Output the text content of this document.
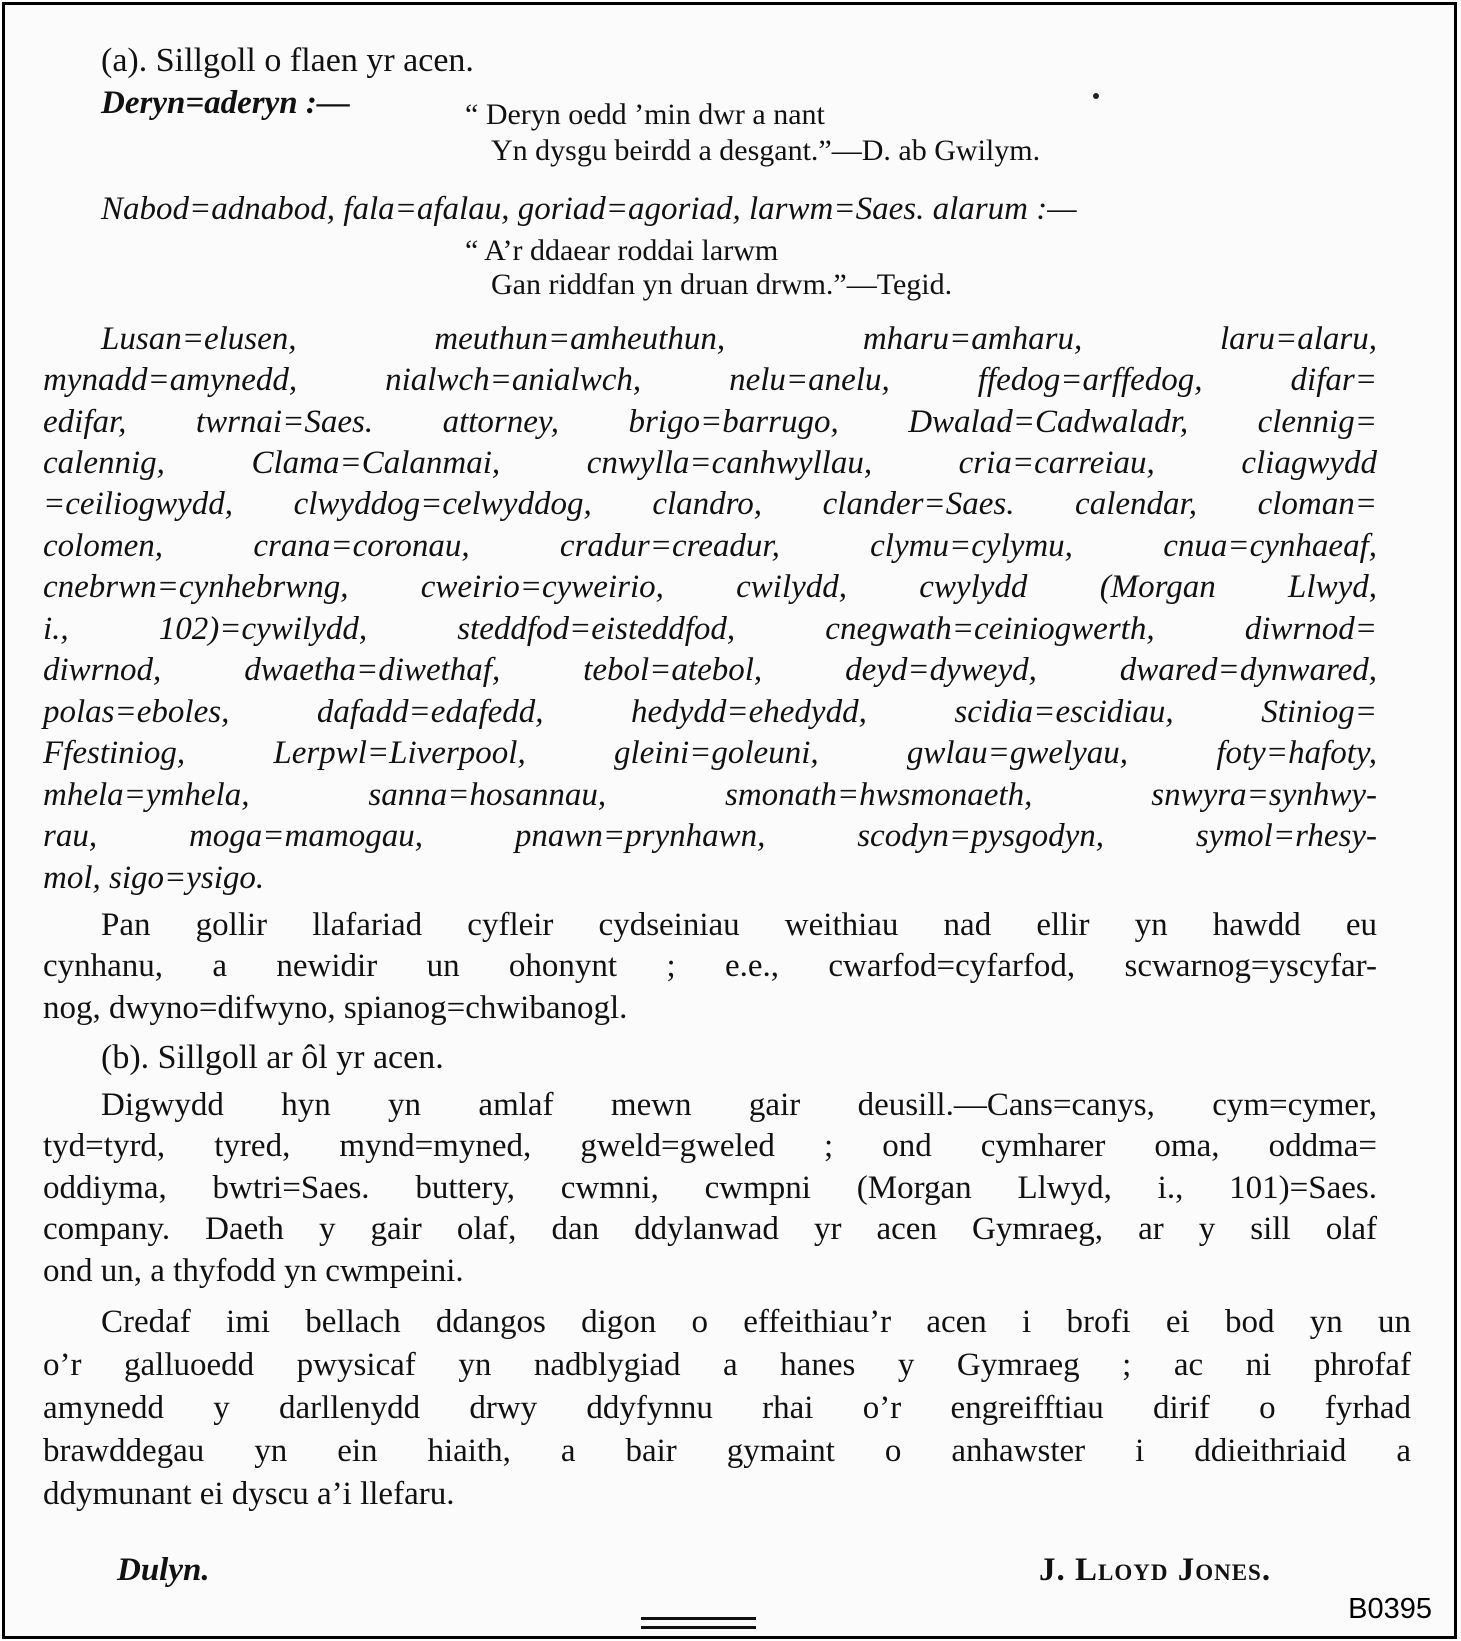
(a). Sillgoll o flaen yr acen.

Deryn=aderyn :—	“ Deryn oedd ’min dwr a nant

Yn dysgu beirdd a desgant.”—D. ab Gwilym.

Nabod=adnabod, fala=afalau, goriad=agoriad, larwm=Saes. alarum :—

“ A’r ddaear roddai larwm

Gan riddfan yn druan drwm.”—Tegid.

Lusan=elusen, meuthun=amheuthun, mharu=amharu, laru=alaru,

mynadd=amynedd, nialwch=anialwch, nelu=anelu, ffedog=arffedog, difar=

edifar, twrnai=Saes. attorney, brigo=barrugo, Dwalad=Cadwaladr, clennig=

calennig, Clama=Calanmai, cnwylla=canhwyllau, cria=carreiau, cliagwydd

=ceiliogwydd, clwyddog=celwyddog, clandro, clander=Saes. calendar, cloman=

colomen, crana=coronau, cradur=creadur, clymu=cylymu, cnua=cynhaeaf,

cnebrwn=cynhebrwng, cweirio=cyweirio, cwilydd, cwylydd (Morgan Llwyd,

i., 102)=cywilydd, steddfod=eisteddfod, cnegwath=ceiniogwerth, diwrnod=

diwrnod, dwaetha=diwethaf, tebol=atebol, deyd=dyweyd, dwared=dynwared,

polas=eboles, dafadd=edafedd, hedydd=ehedydd, scidia=escidiau, Stiniog=

Ffestiniog, Lerpwl=Liverpool, gleini=goleuni, gwlau=gwelyau, foty=hafoty,

mhela=ymhela, sanna=hosannau, smonath=hwsmonaeth, snwyra=synhwy-

rau, moga=mamogau, pnawn=prynhawn, scodyn=pysgodyn, symol=rhesy-

mol, sigo=ysigo.

Pan gollir llafariad cyfleir cydseiniau weithiau nad ellir yn hawdd eu

cynhanu, a newidir un ohonynt ; e.e., cwarfod=cyfarfod, scwarnog=yscyfar-

nog, dwyno=difwyno, spianog=chwibanogl.

(b). Sillgoll ar ôl yr acen.

Digwydd hyn yn amlaf mewn gair deusill.—Cans=canys, cym=cymer,

tyd=tyrd, tyred, mynd=myned, gweld=gweled ; ond cymharer oma, oddma=

oddiyma, bwtri=Saes. buttery, cwmni, cwmpni (Morgan Llwyd, i., 101)=Saes.

company. Daeth y gair olaf, dan ddylanwad yr acen Gymraeg, ar y sill olaf

ond un, a thyfodd yn cwmpeini.

Credaf imi bellach ddangos digon o effeithiau’r acen i brofi ei bod yn un

o’r galluoedd pwysicaf yn nadblygiad a hanes y Gymraeg ; ac ni phrofaf

amynedd y darllenydd drwy ddyfynnu rhai o’r engreifftiau dirif o fyrhad

brawddegau yn ein hiaith, a bair gymaint o anhawster i ddieithriaid a

ddymunant ei dyscu a’i llefaru.

Dulyn.	J. Lloyd Jones.

B0395
